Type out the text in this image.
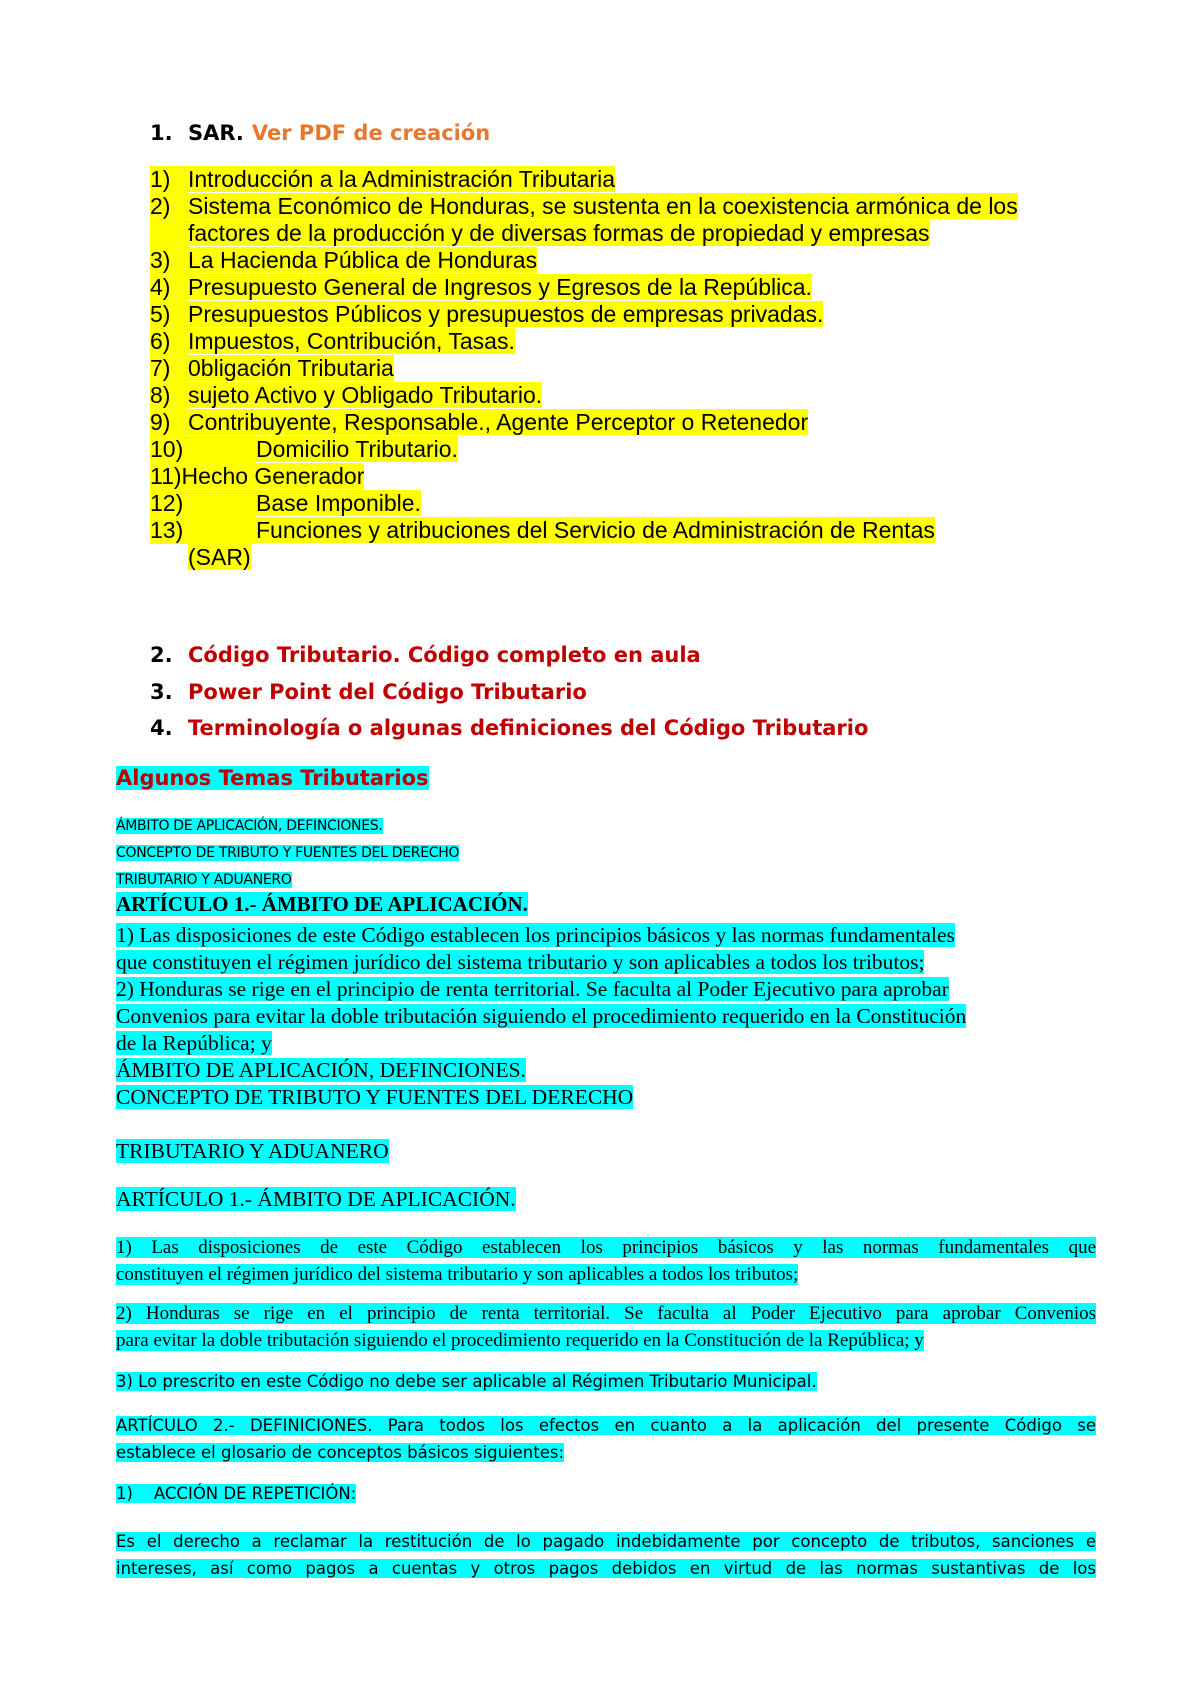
1. SAR. Ver PDF de creación
1) Introducción a la Administración Tributaria
2) Sistema Económico de Honduras, se sustenta en la coexistencia armónica de los factores de la producción y de diversas formas de propiedad y empresas
3) La Hacienda Pública de Honduras
4) Presupuesto General de Ingresos y Egresos de la República.
5) Presupuestos Públicos y presupuestos de empresas privadas.
6) Impuestos, Contribución, Tasas.
7) 0bligación Tributaria
8) sujeto Activo y Obligado Tributario.
9) Contribuyente, Responsable., Agente Perceptor o Retenedor
10)	Domicilio Tributario.
11) Hecho Generador
12)	Base Imponible.
13)	Funciones y atribuciones del Servicio de Administración de Rentas
(SAR)
2. Código Tributario. Código completo en aula
3. Power Point del Código Tributario
4. Terminología o algunas definiciones del Código Tributario
Algunos Temas Tributarios
ÁMBITO DE APLICACIÓN, DEFINCIONES.
CONCEPTO DE TRIBUTO Y FUENTES DEL DERECHO
TRIBUTARIO Y ADUANERO
ARTÍCULO 1.- ÁMBITO DE APLICACIÓN.
1) Las disposiciones de este Código establecen los principios básicos y las normas fundamentales
que constituyen el régimen jurídico del sistema tributario y son aplicables a todos los tributos;
2) Honduras se rige en el principio de renta territorial. Se faculta al Poder Ejecutivo para aprobar
Convenios para evitar la doble tributación siguiendo el procedimiento requerido en la Constitución
de la República; y
ÁMBITO DE APLICACIÓN, DEFINCIONES.
CONCEPTO DE TRIBUTO Y FUENTES DEL DERECHO
TRIBUTARIO Y ADUANERO
ARTÍCULO 1.- ÁMBITO DE APLICACIÓN.
1) Las disposiciones de este Código establecen los principios básicos y las normas fundamentales que
constituyen el régimen jurídico del sistema tributario y son aplicables a todos los tributos;
2) Honduras se rige en el principio de renta territorial. Se faculta al Poder Ejecutivo para aprobar Convenios
para evitar la doble tributación siguiendo el procedimiento requerido en la Constitución de la República; y
3) Lo prescrito en este Código no debe ser aplicable al Régimen Tributario Municipal.
ARTÍCULO 2.- DEFINICIONES. Para todos los efectos en cuanto a la aplicación del presente Código se
establece el glosario de conceptos básicos siguientes:
1)    ACCIÓN DE REPETICIÓN:
Es el derecho a reclamar la restitución de lo pagado indebidamente por concepto de tributos, sanciones e
intereses, así como pagos a cuentas y otros pagos debidos en virtud de las normas sustantivas de los
